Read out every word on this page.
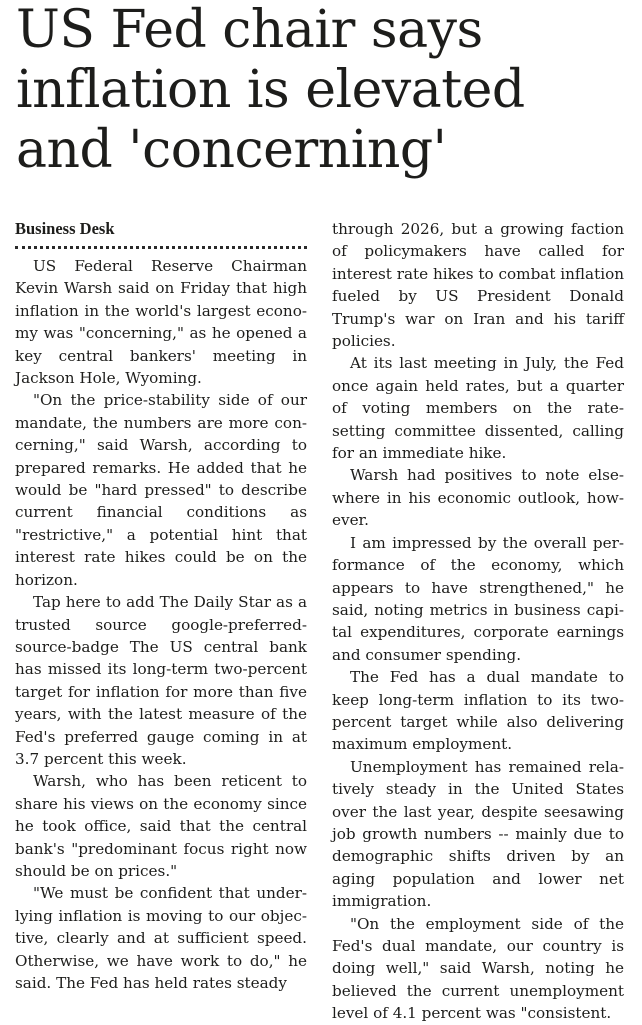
US Fed chair says
inflation is elevated
and 'concerning'
Business Desk

US Federal Reserve Chairman Kevin Warsh said on Friday that high inflation in the world's largest economy was "concerning," as he opened a key central bankers' meeting in Jackson Hole, Wyoming.

"On the price-stability side of our mandate, the numbers are more concerning," said Warsh, according to prepared remarks. He added that he would be "hard pressed" to describe current financial conditions as "restrictive," a potential hint that interest rate hikes could be on the horizon.

Tap here to add The Daily Star as a trusted source google-preferred-source-badge The US central bank has missed its long-term two-percent target for inflation for more than five years, with the latest measure of the Fed's preferred gauge coming in at 3.7 percent this week.

Warsh, who has been reticent to share his views on the economy since he took office, said that the central bank's "predominant focus right now should be on prices."

"We must be confident that underlying inflation is moving to our objective, clearly and at sufficient speed. Otherwise, we have work to do," he said. The Fed has held rates steady

through 2026, but a growing faction of policymakers have called for interest rate hikes to combat inflation fueled by US President Donald Trump's war on Iran and his tariff policies.

At its last meeting in July, the Fed once again held rates, but a quarter of voting members on the rate-setting committee dissented, calling for an immediate hike.

Warsh had positives to note elsewhere in his economic outlook, however.

I am impressed by the overall performance of the economy, which appears to have strengthened," he said, noting metrics in business capital expenditures, corporate earnings and consumer spending.

The Fed has a dual mandate to keep long-term inflation to its two-percent target while also delivering maximum employment.

Unemployment has remained relatively steady in the United States over the last year, despite seesawing job growth numbers -- mainly due to demographic shifts driven by an aging population and lower net immigration.

"On the employment side of the Fed's dual mandate, our country is doing well," said Warsh, noting he believed the current unemployment level of 4.1 percent was "consistent.
